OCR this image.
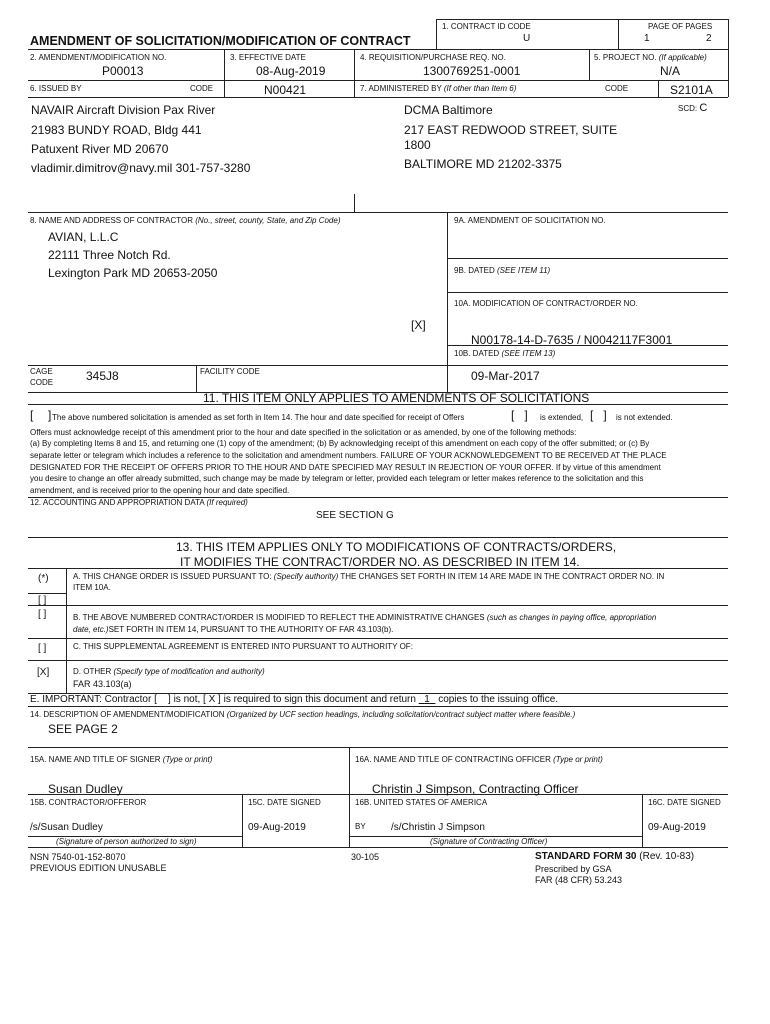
AMENDMENT OF SOLICITATION/MODIFICATION OF CONTRACT
1. CONTRACT ID CODE
U
PAGE OF PAGES
1	2
2. AMENDMENT/MODIFICATION NO.
P00013
3. EFFECTIVE DATE
08-Aug-2019
4. REQUISITION/PURCHASE REQ. NO.
1300769251-0001
5. PROJECT NO. (If applicable)
N/A
6. ISSUED BY	CODE	N00421	7. ADMINISTERED BY (If other than Item 6)	CODE	S2101A
SCD: C
NAVAIR Aircraft Division Pax River
21983 BUNDY ROAD, Bldg 441
Patuxent River MD 20670
vladimir.dimitrov@navy.mil 301-757-3280
DCMA Baltimore
217 EAST REDWOOD STREET, SUITE
1800
BALTIMORE MD 21202-3375
8. NAME AND ADDRESS OF CONTRACTOR (No., street, county, State, and Zip Code)
AVIAN, L.L.C
22111 Three Notch Rd.
Lexington Park MD 20653-2050
9A. AMENDMENT OF SOLICITATION NO.
9B. DATED (SEE ITEM 11)
10A. MODIFICATION OF CONTRACT/ORDER NO.
[X]
N00178-14-D-7635 / N0042117F3001
10B. DATED (SEE ITEM 13)
09-Mar-2017
CAGE
CODE	345J8	FACILITY CODE
11. THIS ITEM ONLY APPLIES TO AMENDMENTS OF SOLICITATIONS
[ ] The above numbered solicitation is amended as set forth in Item 14. The hour and date specified for receipt of Offers	[   ] is extended, [   ] is not extended.
Offers must acknowledge receipt of this amendment prior to the hour and date specified in the solicitation or as amended, by one of the following methods:
(a) By completing Items 8 and 15, and returning one (1) copy of the amendment; (b) By acknowledging receipt of this amendment on each copy of the offer submitted; or (c) By
separate letter or telegram which includes a reference to the solicitation and amendment numbers. FAILURE OF YOUR ACKNOWLEDGEMENT TO BE RECEIVED AT THE PLACE
DESIGNATED FOR THE RECEIPT OF OFFERS PRIOR TO THE HOUR AND DATE SPECIFIED MAY RESULT IN REJECTION OF YOUR OFFER. If by virtue of this amendment
you desire to change an offer already submitted, such change may be made by telegram or letter, provided each telegram or letter makes reference to the solicitation and this
amendment, and is received prior to the opening hour and date specified.
12. ACCOUNTING AND APPROPRIATION DATA (If required)
SEE SECTION G
13. THIS ITEM APPLIES ONLY TO MODIFICATIONS OF CONTRACTS/ORDERS,
IT MODIFIES THE CONTRACT/ORDER NO. AS DESCRIBED IN ITEM 14.
(*)	A. THIS CHANGE ORDER IS ISSUED PURSUANT TO: (Specify authority) THE CHANGES SET FORTH IN ITEM 14 ARE MADE IN THE CONTRACT ORDER NO. IN
ITEM 10A.
[ ]
[ ]	B. THE ABOVE NUMBERED CONTRACT/ORDER IS MODIFIED TO REFLECT THE ADMINISTRATIVE CHANGES (such as changes in paying office, appropriation
date, etc.)SET FORTH IN ITEM 14, PURSUANT TO THE AUTHORITY OF FAR 43.103(b).
[ ]	C. THIS SUPPLEMENTAL AGREEMENT IS ENTERED INTO PURSUANT TO AUTHORITY OF:
[X]	D. OTHER (Specify type of modification and authority)
FAR 43.103(a)
E. IMPORTANT: Contractor [ ] is not, [ X ] is required to sign this document and return 1 copies to the issuing office.
14. DESCRIPTION OF AMENDMENT/MODIFICATION (Organized by UCF section headings, including solicitation/contract subject matter where feasible.)
SEE PAGE 2
15A. NAME AND TITLE OF SIGNER (Type or print)
Susan Dudley
16A. NAME AND TITLE OF CONTRACTING OFFICER (Type or print)
Christin J Simpson, Contracting Officer
15B. CONTRACTOR/OFFEROR
/s/Susan Dudley
(Signature of person authorized to sign)
15C. DATE SIGNED
09-Aug-2019
16B. UNITED STATES OF AMERICA
BY	/s/Christin J Simpson
(Signature of Contracting Officer)
16C. DATE SIGNED
09-Aug-2019
NSN 7540-01-152-8070
PREVIOUS EDITION UNUSABLE
30-105	STANDARD FORM 30 (Rev. 10-83)
Prescribed by GSA
FAR (48 CFR) 53.243
